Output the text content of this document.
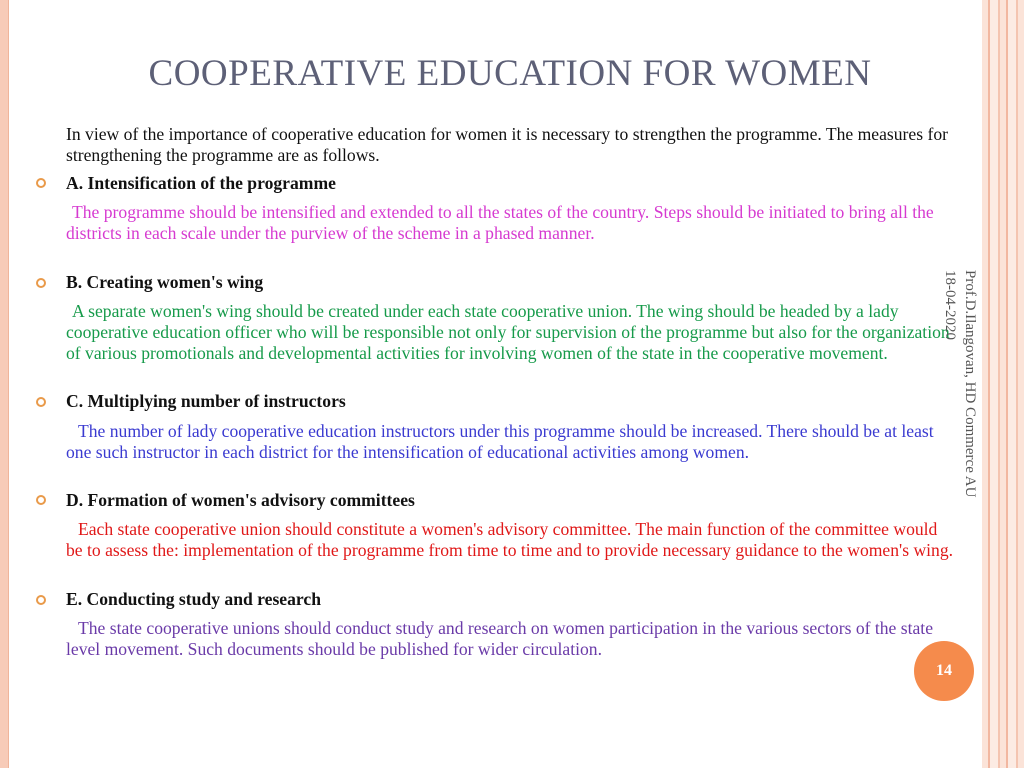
COOPERATIVE EDUCATION FOR WOMEN
In view of the importance of cooperative education for women it is necessary to strengthen the programme. The measures for strengthening the programme are as follows.
A. Intensification of the programme
The programme should be intensified and extended to all the states of the country. Steps should be initiated to bring all the districts in each scale under the purview of the scheme in a phased manner.
B. Creating women's wing
A separate women's wing should be created under each state cooperative union. The wing should be headed by a lady cooperative education officer who will be responsible not only for supervision of the programme but also for the organization of various promotionals and developmental activities for involving women of the state in the cooperative movement.
C. Multiplying number of instructors
The number of lady cooperative education instructors under this programme should be increased. There should be at least one such instructor in each district for the intensification of educational activities among women.
D. Formation of women's advisory committees
Each state cooperative union should constitute a women's advisory committee. The main function of the committee would be to assess the: implementation of the programme from time to time and to provide necessary guidance to the women's wing.
E. Conducting study and research
The state cooperative unions should conduct study and research on women participation in the various sectors of the state level movement. Such documents should be published for wider circulation.
Prof.D.Ilangovan, HD Commerce AU
18-04-2020
14
